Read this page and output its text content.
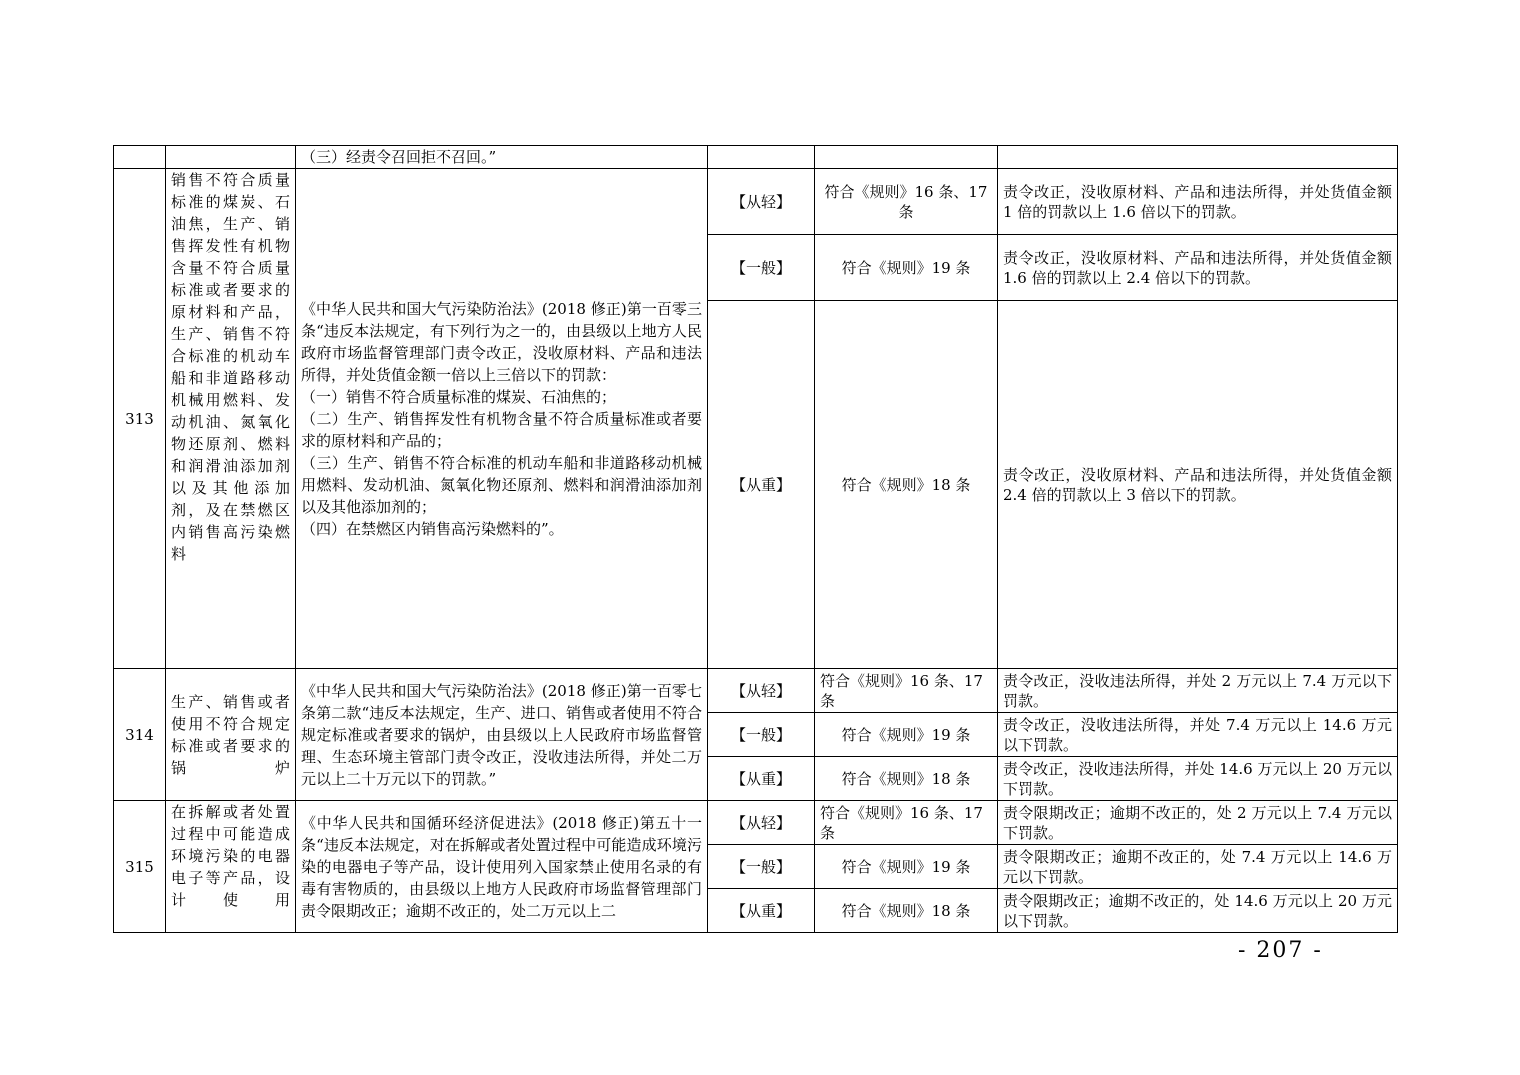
		（三）经责令召回拒不召回。”			
313	销售不符合质量标准的煤炭、石油焦，生产、销售挥发性有机物含量不符合质量标准或者要求的原材料和产品，生产、销售不符合标准的机动车船和非道路移动机械用燃料、发动机油、氮氧化物还原剂、燃料和润滑油添加剂以及其他添加剂，及在禁燃区内销售高污染燃料	《中华人民共和国大气污染防治法》(2018 修正)第一百零三条“违反本法规定，有下列行为之一的，由县级以上地方人民政府市场监督管理部门责令改正，没收原材料、产品和违法所得，并处货值金额一倍以上三倍以下的罚款：
（一）销售不符合质量标准的煤炭、石油焦的；
（二）生产、销售挥发性有机物含量不符合质量标准或者要求的原材料和产品的；
（三）生产、销售不符合标准的机动车船和非道路移动机械用燃料、发动机油、氮氧化物还原剂、燃料和润滑油添加剂以及其他添加剂的；
（四）在禁燃区内销售高污染燃料的”。	【从轻】	符合《规则》16 条、17 条	责令改正，没收原材料、产品和违法所得，并处货值金额 1 倍的罚款以上 1.6 倍以下的罚款。
			【一般】	符合《规则》19 条	责令改正，没收原材料、产品和违法所得，并处货值金额 1.6 倍的罚款以上 2.4 倍以下的罚款。
			【从重】	符合《规则》18 条	责令改正，没收原材料、产品和违法所得，并处货值金额 2.4 倍的罚款以上 3 倍以下的罚款。
314	生产、销售或者使用不符合规定标准或者要求的锅炉	《中华人民共和国大气污染防治法》(2018 修正)第一百零七条第二款“违反本法规定，生产、进口、销售或者使用不符合规定标准或者要求的锅炉，由县级以上人民政府市场监督管理、生态环境主管部门责令改正，没收违法所得，并处二万元以上二十万元以下的罚款。”	【从轻】	符合《规则》16 条、17 条	责令改正，没收违法所得，并处 2 万元以上 7.4 万元以下罚款。
			【一般】	符合《规则》19 条	责令改正，没收违法所得，并处 7.4 万元以上 14.6 万元以下罚款。
			【从重】	符合《规则》18 条	责令改正，没收违法所得，并处 14.6 万元以上 20 万元以下罚款。
315	在拆解或者处置过程中可能造成环境污染的电器电子等产品，设计使用	《中华人民共和国循环经济促进法》(2018 修正)第五十一条“违反本法规定，对在拆解或者处置过程中可能造成环境污染的电器电子等产品，设计使用列入国家禁止使用名录的有毒有害物质的，由县级以上地方人民政府市场监督管理部门责令限期改正；逾期不改正的，处二万元以上二	【从轻】	符合《规则》16 条、17 条	责令限期改正；逾期不改正的，处 2 万元以上 7.4 万元以下罚款。
			【一般】	符合《规则》19 条	责令限期改正；逾期不改正的，处 7.4 万元以上 14.6 万元以下罚款。
			【从重】	符合《规则》18 条	责令限期改正；逾期不改正的，处 14.6 万元以上 20 万元以下罚款。
- 207 -
